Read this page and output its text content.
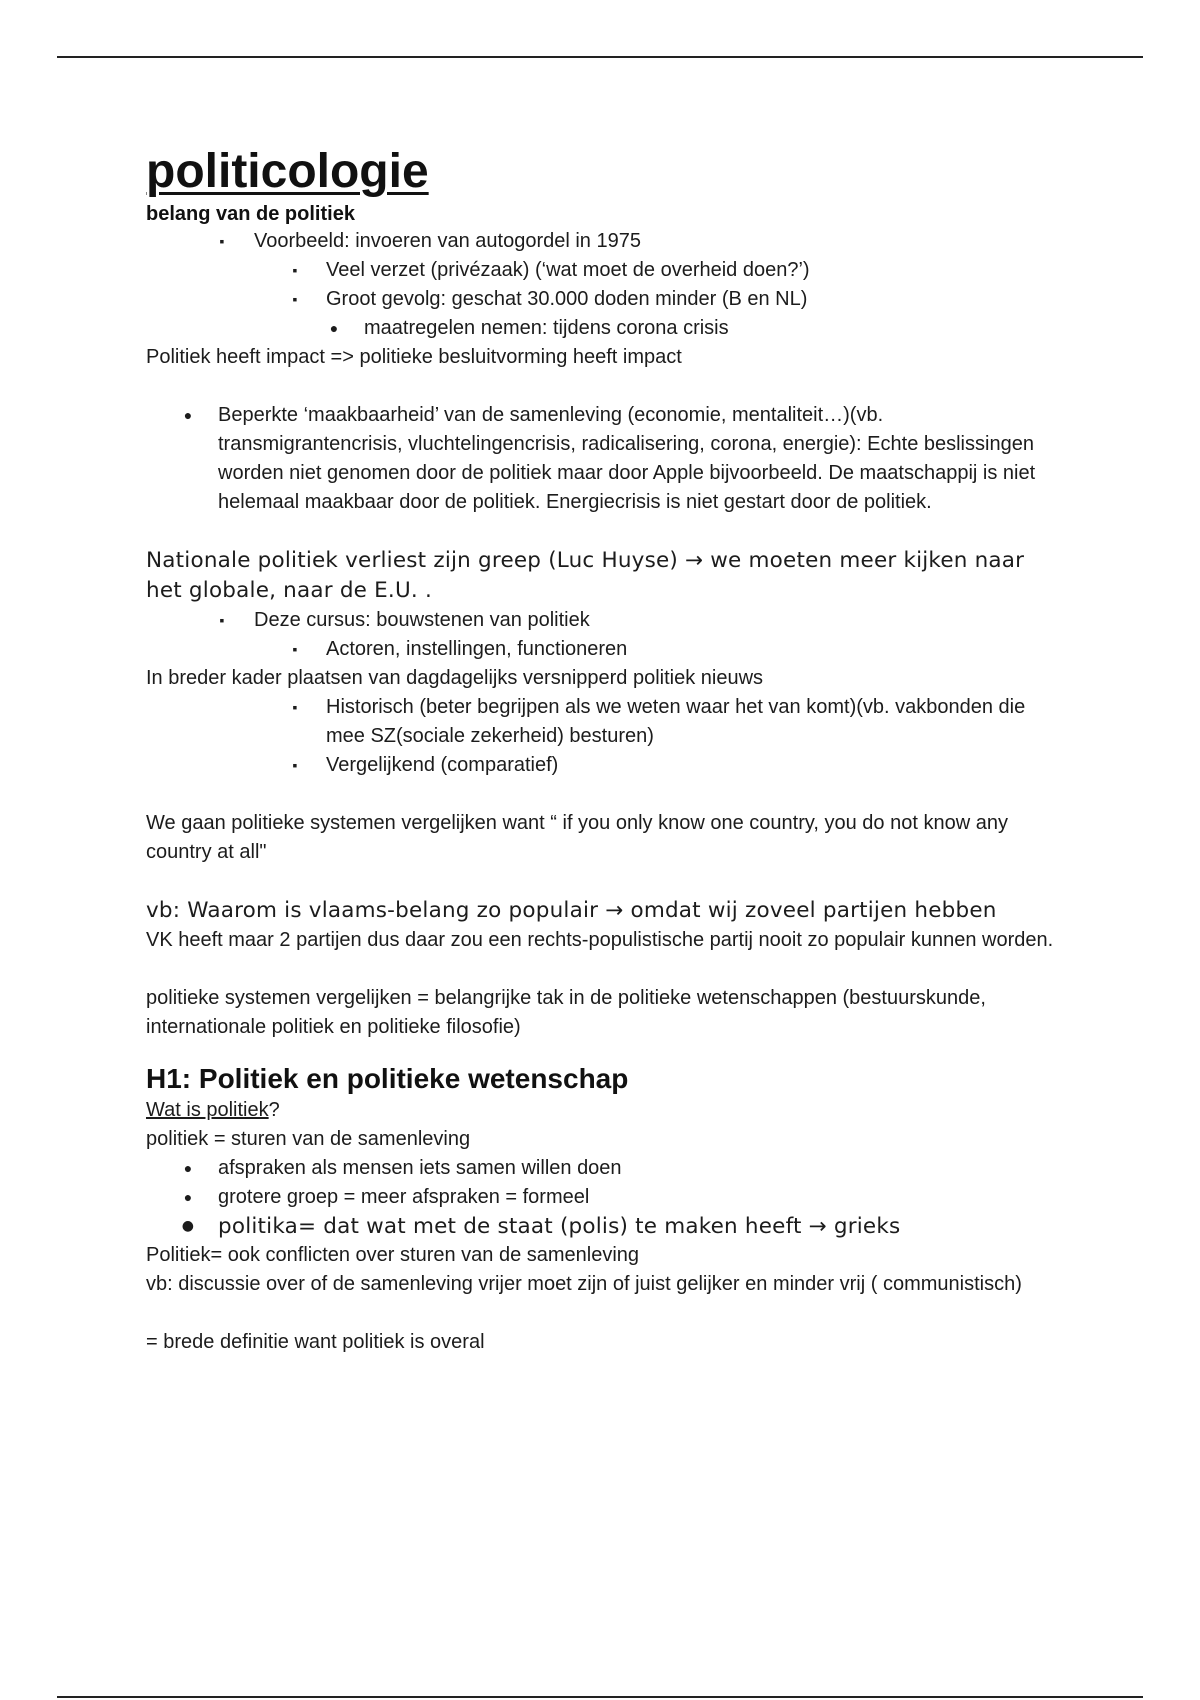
politicologie
belang van de politiek
▪ Voorbeeld: invoeren van autogordel in 1975
▪ Veel verzet (privézaak) (‘wat moet de overheid doen?’)
▪ Groot gevolg: geschat 30.000 doden minder (B en NL)
● maatregelen nemen: tijdens corona crisis

Politiek heeft impact => politieke besluitvorming heeft impact

● Beperkte ‘maakbaarheid’ van de samenleving (economie, mentaliteit…)(vb. transmigrantencrisis, vluchtelingencrisis, radicalisering, corona, energie): Echte beslissingen worden niet genomen door de politiek maar door Apple bijvoorbeeld. De maatschappij is niet helemaal maakbaar door de politiek. Energiecrisis is niet gestart door de politiek.

Nationale politiek verliest zijn greep (Luc Huyse) → we moeten meer kijken naar het globale, naar de E.U. .

▪ Deze cursus: bouwstenen van politiek
▪ Actoren, instellingen, functioneren

In breder kader plaatsen van dagdagelijks versnipperd politiek nieuws

▪ Historisch (beter begrijpen als we weten waar het van komt)(vb. vakbonden die mee SZ(sociale zekerheid) besturen)
▪ Vergelijkend (comparatief)

We gaan politieke systemen vergelijken want “ if you only know one country, you do not know any country at all"

vb: Waarom is vlaams-belang zo populair → omdat wij zoveel partijen hebben

VK heeft maar 2 partijen dus daar zou een rechts-populistische partij nooit zo populair kunnen worden.

politieke systemen vergelijken = belangrijke tak in de politieke wetenschappen (bestuurskunde, internationale politiek en politieke filosofie)

H1: Politiek en politieke wetenschap

Wat is politiek?

politiek = sturen van de samenleving

● afspraken als mensen iets samen willen doen
● grotere groep = meer afspraken = formeel
● politika= dat wat met de staat (polis) te maken heeft → grieks

Politiek= ook conflicten over sturen van de samenleving

vb: discussie over of de samenleving vrijer moet zijn of juist gelijker en minder vrij ( communistisch)

= brede definitie want politiek is overal
